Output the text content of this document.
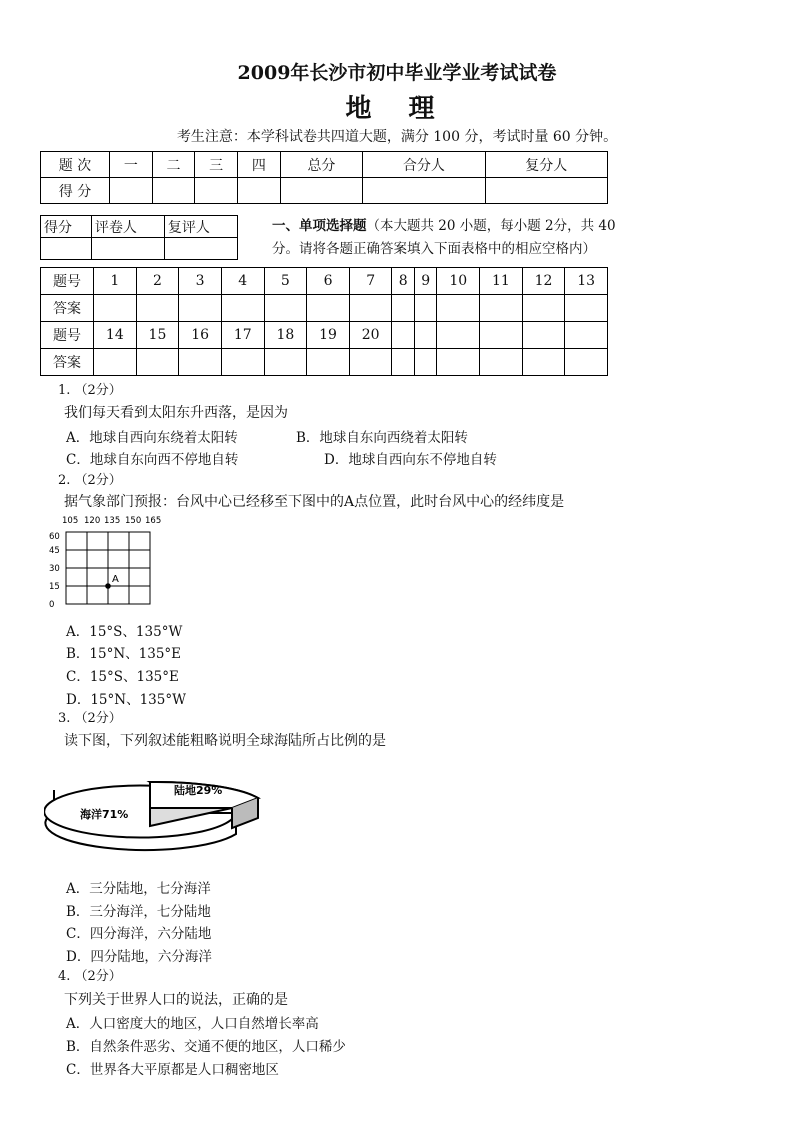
2009年长沙市初中毕业学业考试试卷
地 理
考生注意：本学科试卷共四道大题，满分 100 分，考试时量 60 分钟。
题 次	一	二	三	四	总分	合分人	复分人
得 分							
得分	评卷人	复评人
			一、单项选择题（本大题共 20 小题，每小题 2分，共 40 分。请将各题正确答案填入下面表格中的相应空格内）
题号	1	2	3	4	5	6	7	8	9	10	11	12	13
答案													
题号	14	15	16	17	18	19	20						
答案													
1. （2分）
我们每天看到太阳东升西落，是因为
A．地球自西向东绕着太阳转	B．地球自东向西绕着太阳转
C．地球自东向西不停地自转	D．地球自西向东不停地自转
2. （2分）
据气象部门预报：台风中心已经移至下图中的A点位置，此时台风中心的经纬度是
105 120 135 150 165
60
45
30
15
0
A
A．15°S、135°W
B．15°N、135°E
C．15°S、135°E
D．15°N、135°W
3. （2分）
读下图，下列叙述能粗略说明全球海陆所占比例的是
陆地29%
海洋71%
A．三分陆地，七分海洋
B．三分海洋，七分陆地
C．四分海洋，六分陆地
D．四分陆地，六分海洋
4. （2分）
下列关于世界人口的说法，正确的是
A．人口密度大的地区，人口自然增长率高
B．自然条件恶劣、交通不便的地区，人口稀少
C．世界各大平原都是人口稠密地区
